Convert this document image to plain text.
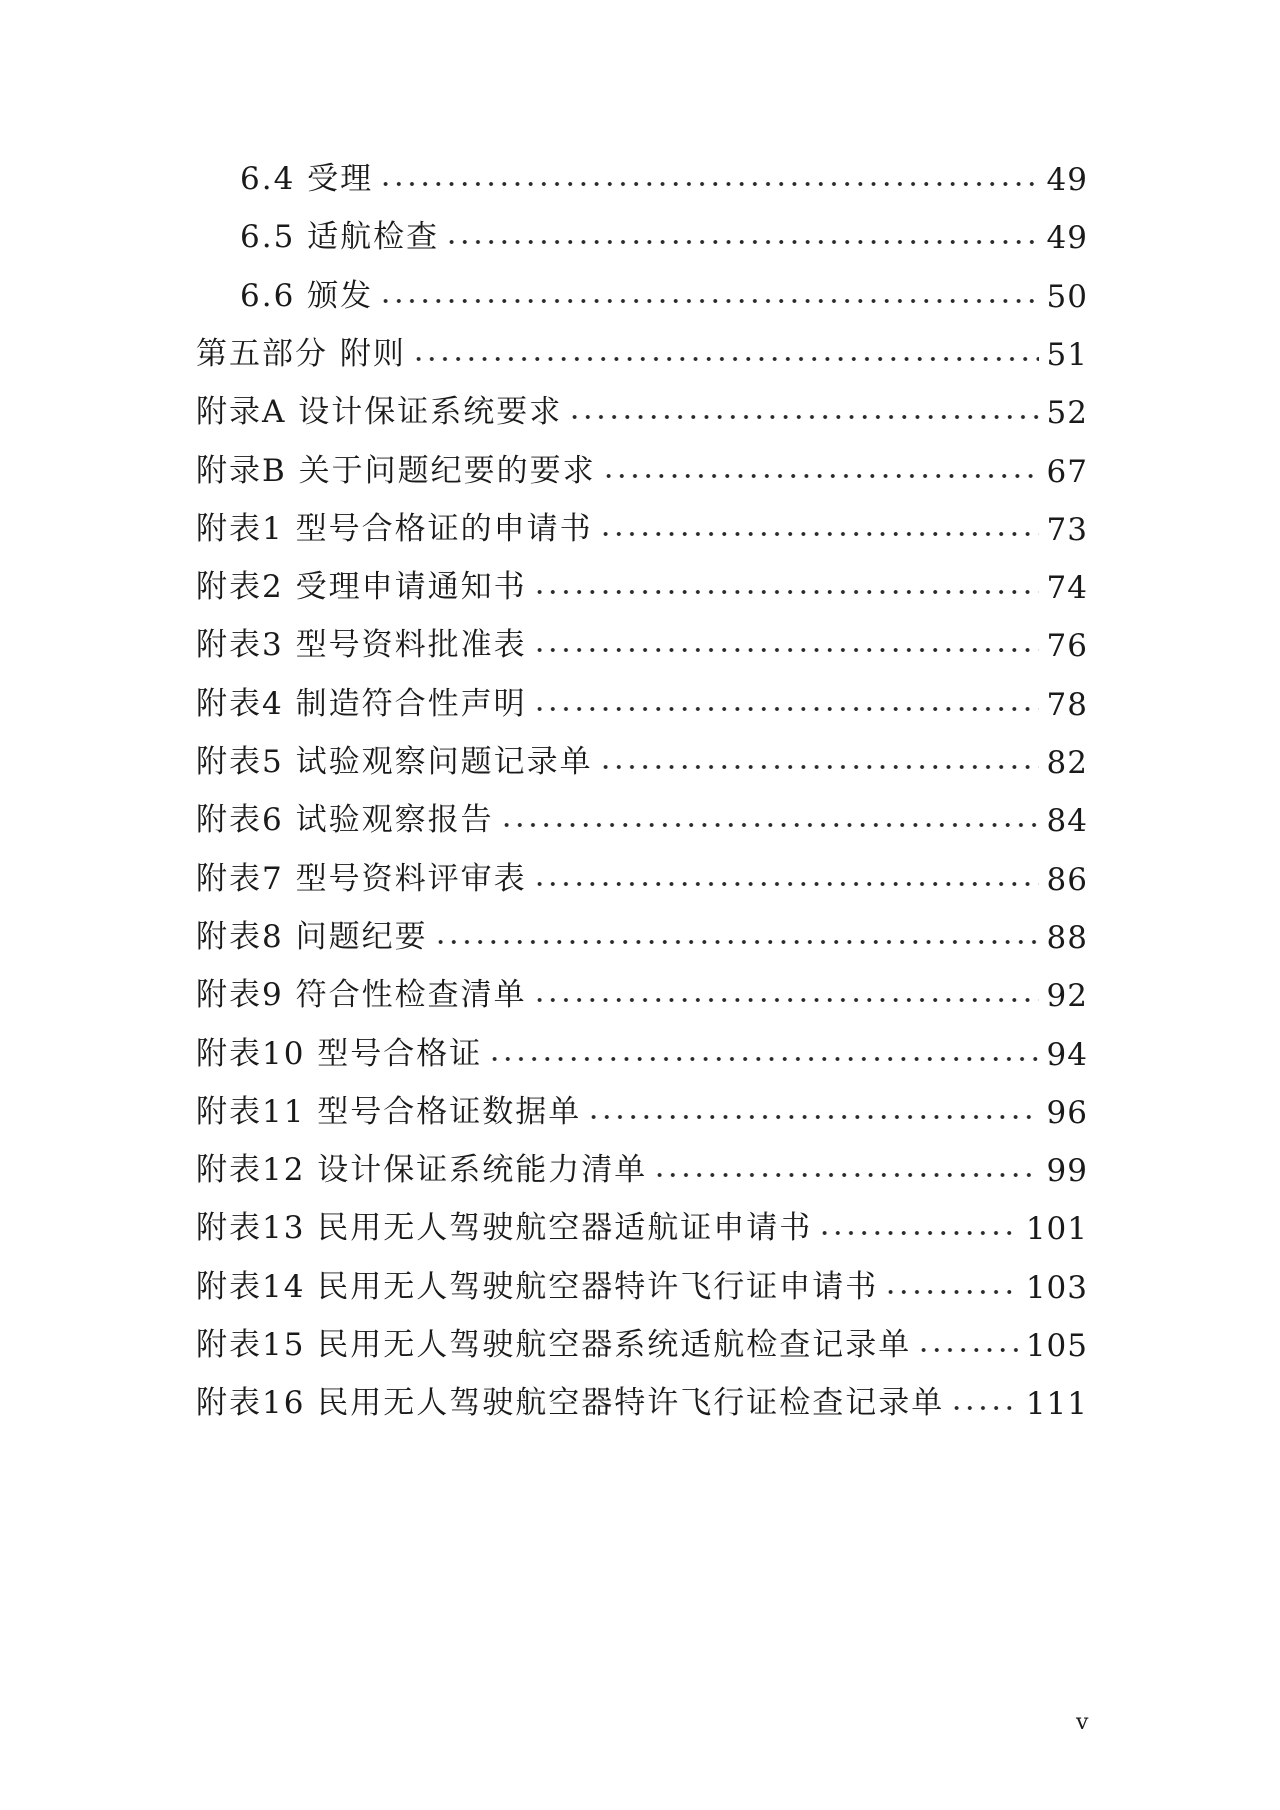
6.4 受理	49
6.5 适航检查	49
6.6 颁发	50
第五部分 附则	51
附录A 设计保证系统要求	52
附录B 关于问题纪要的要求	67
附表1 型号合格证的申请书	73
附表2 受理申请通知书	74
附表3 型号资料批准表	76
附表4 制造符合性声明	78
附表5 试验观察问题记录单	82
附表6 试验观察报告	84
附表7 型号资料评审表	86
附表8 问题纪要	88
附表9 符合性检查清单	92
附表10 型号合格证	94
附表11 型号合格证数据单	96
附表12 设计保证系统能力清单	99
附表13 民用无人驾驶航空器适航证申请书	101
附表14 民用无人驾驶航空器特许飞行证申请书	103
附表15 民用无人驾驶航空器系统适航检查记录单	105
附表16 民用无人驾驶航空器特许飞行证检查记录单	111
v
